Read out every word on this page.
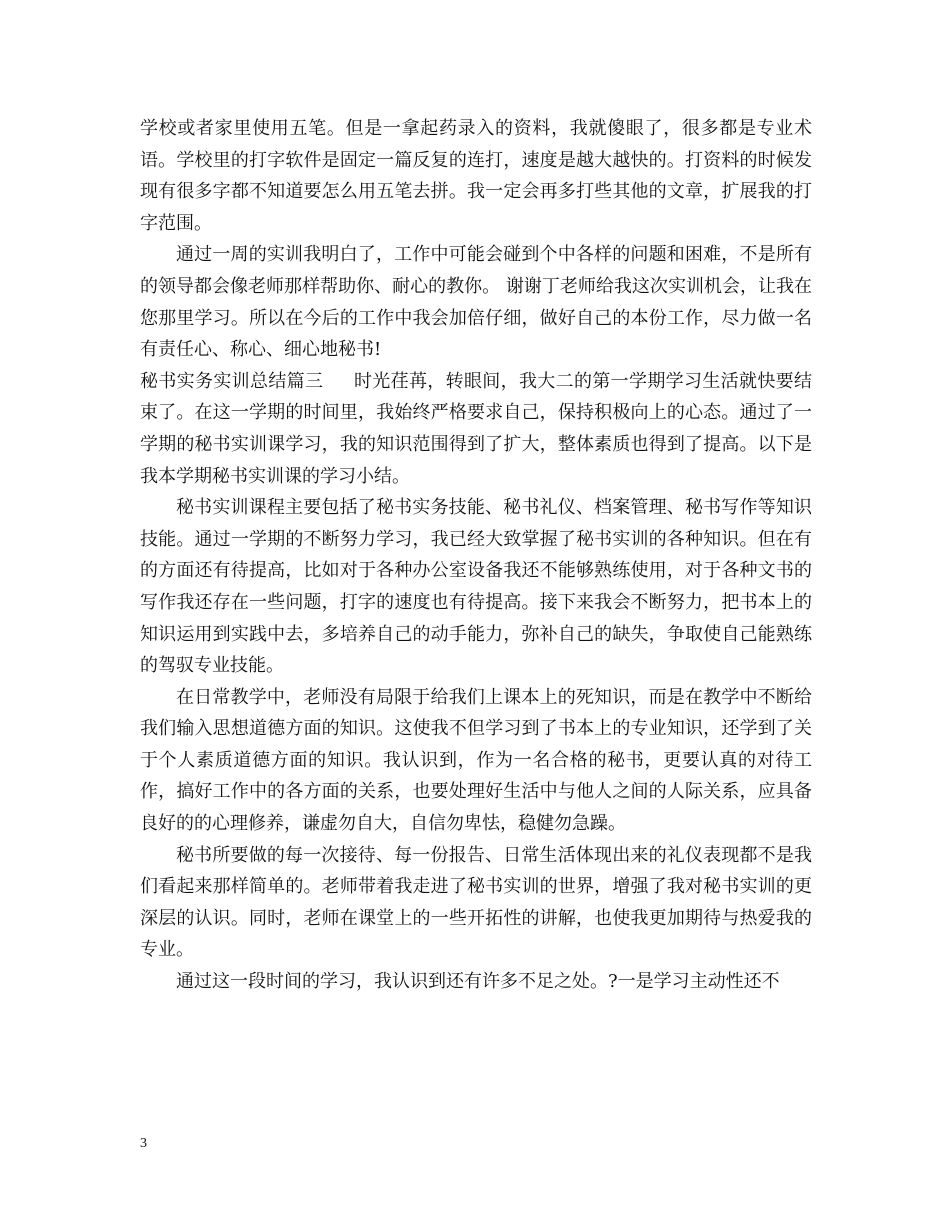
学校或者家里使用五笔。但是一拿起药录入的资料，我就傻眼了，很多都是专业术语。学校里的打字软件是固定一篇反复的连打，速度是越大越快的。打资料的时候发现有很多字都不知道要怎么用五笔去拼。我一定会再多打些其他的文章，扩展我的打字范围。

通过一周的实训我明白了，工作中可能会碰到个中各样的问题和困难，不是所有的领导都会像老师那样帮助你、耐心的教你。 谢谢丁老师给我这次实训机会，让我在您那里学习。所以在今后的工作中我会加倍仔细，做好自己的本份工作，尽力做一名有责任心、称心、细心地秘书!

秘书实务实训总结篇三 时光荏苒，转眼间，我大二的第一学期学习生活就快要结束了。在这一学期的时间里，我始终严格要求自己，保持积极向上的心态。通过了一学期的秘书实训课学习，我的知识范围得到了扩大，整体素质也得到了提高。以下是我本学期秘书实训课的学习小结。

秘书实训课程主要包括了秘书实务技能、秘书礼仪、档案管理、秘书写作等知识技能。通过一学期的不断努力学习，我已经大致掌握了秘书实训的各种知识。但在有的方面还有待提高，比如对于各种办公室设备我还不能够熟练使用，对于各种文书的写作我还存在一些问题，打字的速度也有待提高。接下来我会不断努力，把书本上的知识运用到实践中去，多培养自己的动手能力，弥补自己的缺失，争取使自己能熟练的驾驭专业技能。

在日常教学中，老师没有局限于给我们上课本上的死知识，而是在教学中不断给我们输入思想道德方面的知识。这使我不但学习到了书本上的专业知识，还学到了关于个人素质道德方面的知识。我认识到，作为一名合格的秘书，更要认真的对待工作，搞好工作中的各方面的关系，也要处理好生活中与他人之间的人际关系，应具备良好的的心理修养，谦虚勿自大，自信勿卑怯，稳健勿急躁。

秘书所要做的每一次接待、每一份报告、日常生活体现出来的礼仪表现都不是我们看起来那样简单的。老师带着我走进了秘书实训的世界，增强了我对秘书实训的更深层的认识。同时，老师在课堂上的一些开拓性的讲解，也使我更加期待与热爱我的专业。

通过这一段时间的学习，我认识到还有许多不足之处。?一是学习主动性还不

3
